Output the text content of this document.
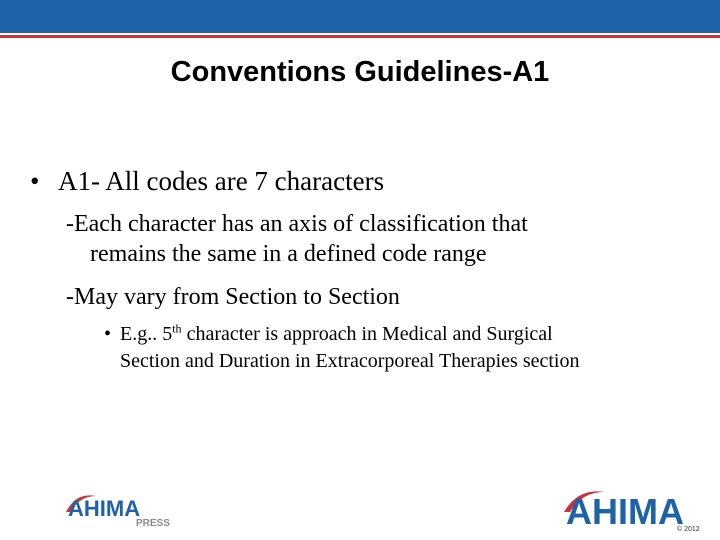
Conventions Guidelines-A1
• A1- All codes are 7 characters
-Each character has an axis of classification that
remains the same in a defined code range
-May vary from Section to Section
• E.g.. 5th character is approach in Medical and Surgical
Section and Duration in Extracorporeal Therapies section
AHIMA
PRESS	AHIMA
© 2012
